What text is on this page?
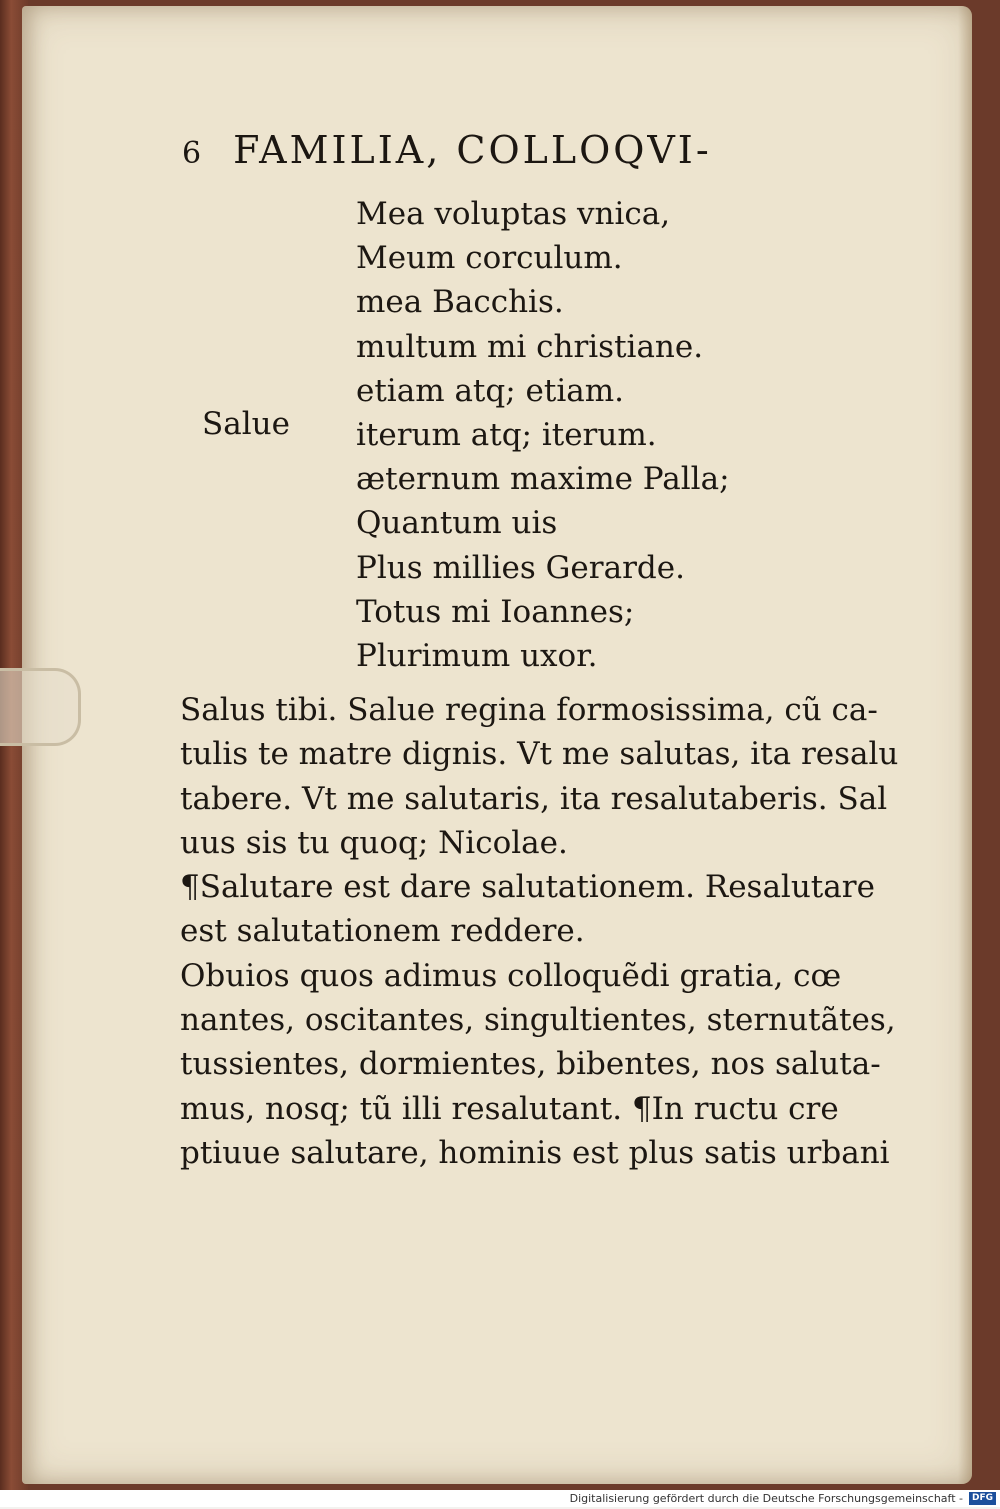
6 FAMILIA, COLLOQVI-
Mea voluptas vnica,
Meum corculum.
mea Bacchis.
multum mi christiane.
etiam atq; etiam.
iterum atq; iterum.
æternum maxime Palla;
Quantum uis
Plus millies Gerarde.
Totus mi Ioannes;
Plurimum uxor.
Salue
Salus tibi. Salue regina formosissima, cũ ca-
tulis te matre dignis. Vt me salutas, ita resalu
tabere. Vt me salutaris, ita resalutaberis. Sal
uus sis tu quoq; Nicolae.
¶Salutare est dare salutationem. Resalutare
est salutationem reddere.
Obuios quos adimus colloquẽdi gratia, cœ
nantes, oscitantes, singultientes, sternutãtes,
tussientes, dormientes, bibentes, nos saluta-
mus, nosq; tũ illi resalutant. ¶In ructu cre
ptiuue salutare, hominis est plus satis urbani
Digitalisierung gefördert durch die Deutsche Forschungsgemeinschaft - DFG
